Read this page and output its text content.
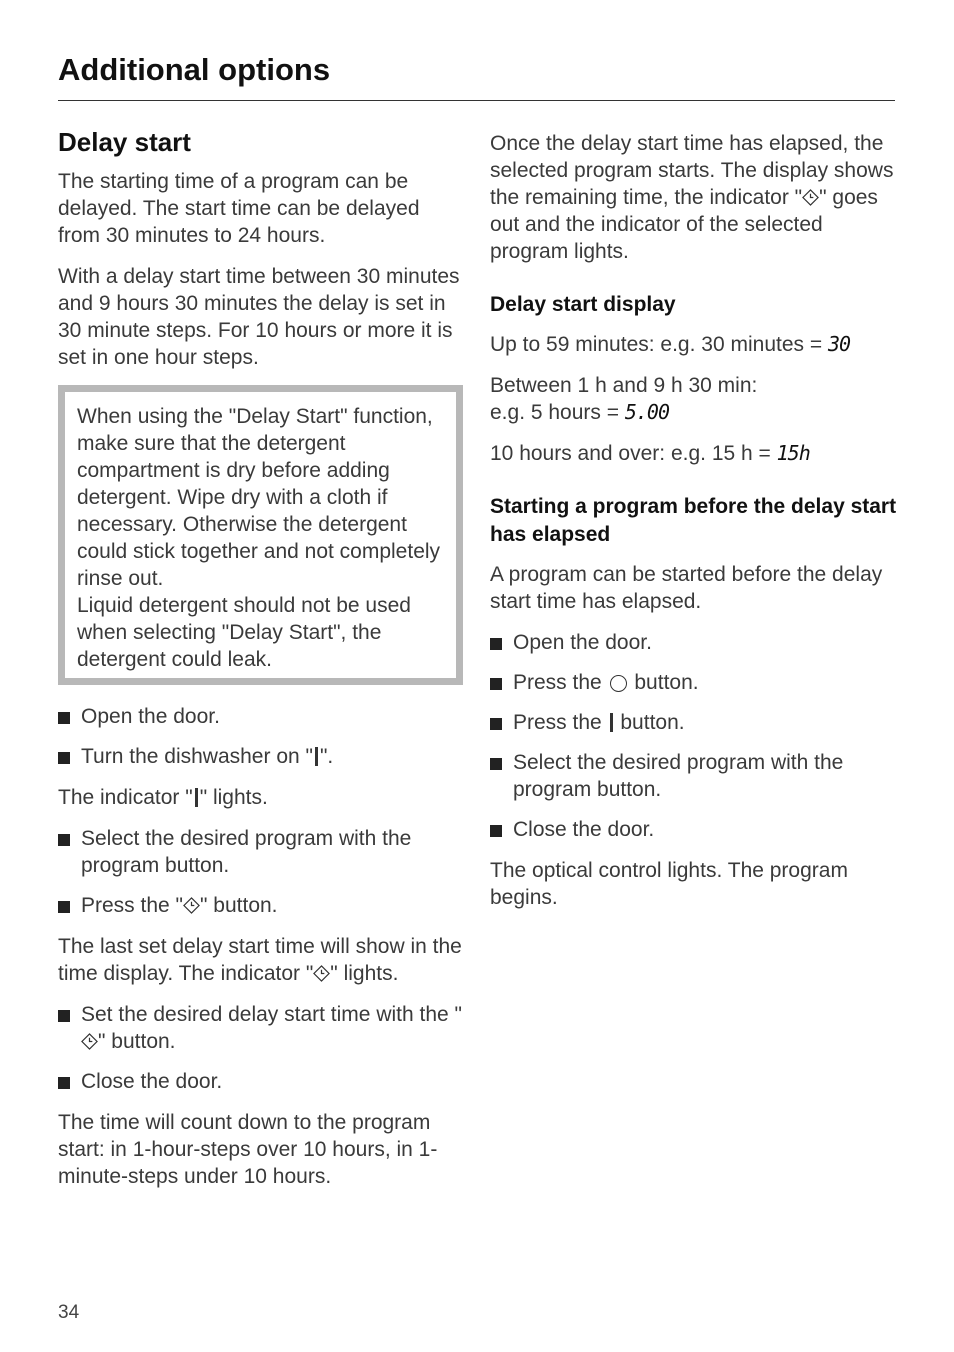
Additional options
Delay start

The starting time of a program can be delayed. The start time can be delayed from 30 minutes to 24 hours.

With a delay start time between 30 minutes and 9 hours 30 minutes the delay is set in 30 minute steps. For 10 hours or more it is set in one hour steps.

When using the "Delay Start" function, make sure that the detergent compartment is dry before adding detergent. Wipe dry with a cloth if necessary. Otherwise the detergent could stick together and not completely rinse out.

Liquid detergent should not be used when selecting "Delay Start", the detergent could leak.

Open the door.
Turn the dishwasher on " ".

The indicator " " lights.

Select the desired program with the program button.
Press the " " button.

The last set delay start time will show in the time display. The indicator " " lights.

Set the desired delay start time with the "" button.
Close the door.

The time will count down to the program start: in 1-hour-steps over 10 hours, in 1-minute-steps under 10 hours.

Once the delay start time has elapsed, the selected program starts. The display shows the remaining time, the indicator " " goes out and the indicator of the selected program lights.

Delay start display

Up to 59 minutes: e.g. 30 minutes = 30

Between 1 h and 9 h 30 min:
e.g. 5 hours = 5.00

10 hours and over: e.g. 15 h = 15h

Starting a program before the delay start has elapsed

A program can be started before the delay start time has elapsed.

Open the door.
Press the  button.
Press the  button.
Select the desired program with the program button.
Close the door.

The optical control lights. The program begins.

34
